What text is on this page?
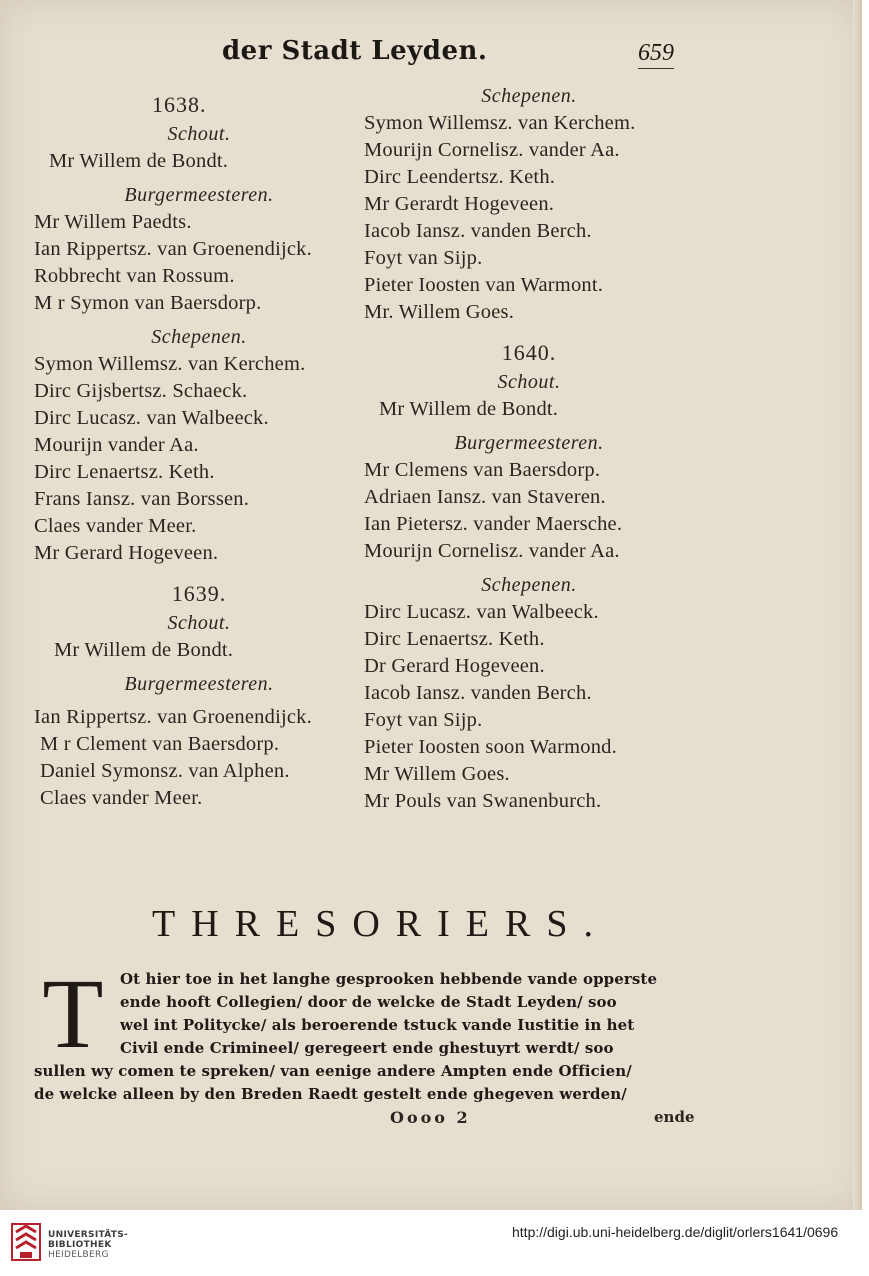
der Stadt Leyden.	659
1638.
Schout.
Mr Willem de Bondt.
Burgermeesteren.
Mr Willem Paedts.
Ian Rippertsz. van Groenendijck.
Robbrecht van Rossum.
M r Symon van Baersdorp.
Schepenen.
Symon Willemsz. van Kerchem.
Dirc Gijsbertsz. Schaeck.
Dirc Lucasz. van Walbeeck.
Mourijn vander Aa.
Dirc Lenaertsz. Keth.
Frans Iansz. van Borssen.
Claes vander Meer.
Mr Gerard Hogeveen.
1639.
Schout.
Mr Willem de Bondt.
Burgermeesteren.
Ian Rippertsz. van Groenendijck.
M r Clement van Baersdorp.
Daniel Symonsz. van Alphen.
Claes vander Meer.
Schepenen.
Symon Willemsz. van Kerchem.
Mourijn Cornelisz. vander Aa.
Dirc Leendertsz. Keth.
Mr Gerardt Hogeveen.
Iacob Iansz. vanden Berch.
Foyt van Sijp.
Pieter Ioosten van Warmont.
Mr. Willem Goes.
1640.
Schout.
Mr Willem de Bondt.
Burgermeesteren.
Mr Clemens van Baersdorp.
Adriaen Iansz. van Staveren.
Ian Pietersz. vander Maersche.
Mourijn Cornelisz. vander Aa.
Schepenen.
Dirc Lucasz. van Walbeeck.
Dirc Lenaertsz. Keth.
Dr Gerard Hogeveen.
Iacob Iansz. vanden Berch.
Foyt van Sijp.
Pieter Ioosten soon Warmond.
Mr Willem Goes.
Mr Pouls van Swanenburch.
THRESORIERS.
T	Ot hier toe in het langhe gesprooken hebbende vande opperste
ende hooft Collegien/ door de welcke de Stadt Leyden/ soo
wel int Politycke/ als beroerende tstuck vande Iustitie in het
Civil ende Crimineel/ geregeert ende ghestuyrt werdt/ soo
sullen wy comen te spreken/ van eenige andere Ampten ende Officien/
de welcke alleen by den Breden Raedt gestelt ende ghegeven werden/
Oooo 2	ende
UNIVERSITÄTS-
BIBLIOTHEK
HEIDELBERG
http://digi.ub.uni-heidelberg.de/diglit/orlers1641/0696
